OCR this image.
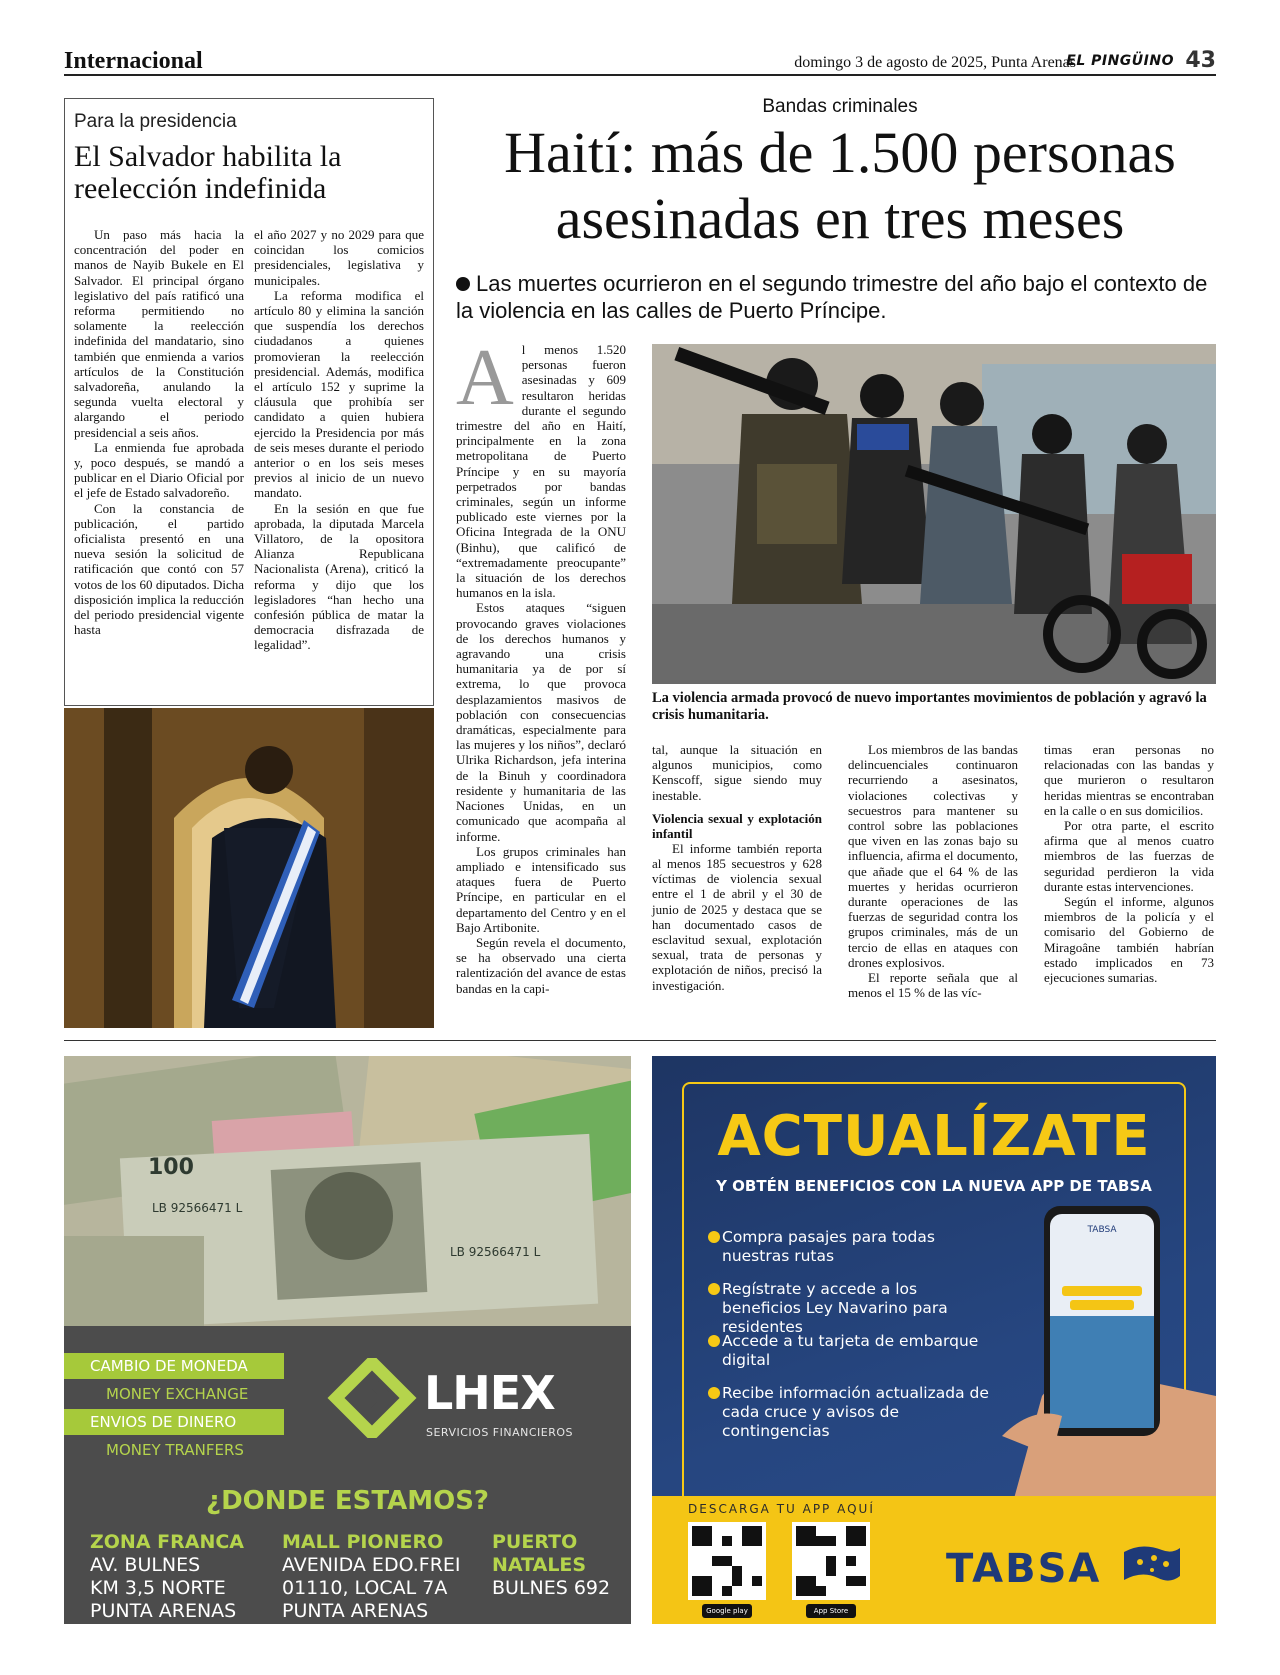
Internacional	domingo 3 de agosto de 2025, Punta Arenas
EL PINGÜINO 43
Para la presidencia
El Salvador habilita la reelección indefinida

Un paso más hacia la concentración del poder en manos de Nayib Bukele en El Salvador. El principal órgano legislativo del país ratificó una reforma permitiendo no solamente la reelección indefinida del mandatario, sino también que enmienda a varios artículos de la Constitución salvadoreña, anulando la segunda vuelta electoral y alargando el periodo presidencial a seis años.

La enmienda fue aprobada y, poco después, se mandó a publicar en el Diario Oficial por el jefe de Estado salvadoreño.

Con la constancia de publicación, el partido oficialista presentó en una nueva sesión la solicitud de ratificación que contó con 57 votos de los 60 diputados. Dicha disposición implica la reducción del periodo presidencial vigente hasta

el año 2027 y no 2029 para que coincidan los comicios presidenciales, legislativa y municipales.

La reforma modifica el artículo 80 y elimina la sanción que suspendía los derechos ciudadanos a quienes promovieran la reelección presidencial. Además, modifica el artículo 152 y suprime la cláusula que prohibía ser candidato a quien hubiera ejercido la Presidencia por más de seis meses durante el periodo anterior o en los seis meses previos al inicio de un nuevo mandato.

En la sesión en que fue aprobada, la diputada Marcela Villatoro, de la opositora Alianza Republicana Nacionalista (Arena), criticó la reforma y dijo que los legisladores “han hecho una confesión pública de matar la democracia disfrazada de legalidad”.

Bandas criminales
Haití: más de 1.500 personas asesinadas en tres meses
Las muertes ocurrieron en el segundo trimestre del año bajo el contexto de la violencia en las calles de Puerto Príncipe.

Al menos 1.520 personas fueron asesinadas y 609 resultaron heridas durante el segundo trimestre del año en Haití, principalmente en la zona metropolitana de Puerto Príncipe y en su mayoría perpetrados por bandas criminales, según un informe publicado este viernes por la Oficina Integrada de la ONU (Binhu), que calificó de “extremadamente preocupante” la situación de los derechos humanos en la isla.

Estos ataques “siguen provocando graves violaciones de los derechos humanos y agravando una crisis humanitaria ya de por sí extrema, lo que provoca desplazamientos masivos de población con consecuencias dramáticas, especialmente para las mujeres y los niños”, declaró Ulrika Richardson, jefa interina de la Binuh y coordinadora residente y humanitaria de las Naciones Unidas, en un comunicado que acompaña al informe.

Los grupos criminales han ampliado e intensificado sus ataques fuera de Puerto Príncipe, en particular en el departamento del Centro y en el Bajo Artibonite.

Según revela el documento, se ha observado una cierta ralentización del avance de estas bandas en la capi-

La violencia armada provocó de nuevo importantes movimientos de población y agravó la crisis humanitaria.

tal, aunque la situación en algunos municipios, como Kenscoff, sigue siendo muy inestable.

Violencia sexual y explotación infantil

El informe también reporta al menos 185 secuestros y 628 víctimas de violencia sexual entre el 1 de abril y el 30 de junio de 2025 y destaca que se han documentado casos de esclavitud sexual, explotación sexual, trata de personas y explotación de niños, precisó la investigación.

Los miembros de las bandas delincuenciales continuaron recurriendo a asesinatos, violaciones colectivas y secuestros para mantener su control sobre las poblaciones que viven en las zonas bajo su influencia, afirma el documento, que añade que el 64 % de las muertes y heridas ocurrieron durante operaciones de las fuerzas de seguridad contra los grupos criminales, más de un tercio de ellas en ataques con drones explosivos.

El reporte señala que al menos el 15 % de las víc-

timas eran personas no relacionadas con las bandas y que murieron o resultaron heridas mientras se encontraban en la calle o en sus domicilios.

Por otra parte, el escrito afirma que al menos cuatro miembros de las fuerzas de seguridad perdieron la vida durante estas intervenciones.

Según el informe, algunos miembros de la policía y el comisario del Gobierno de Miragoâne también habrían estado implicados en 73 ejecuciones sumarias.

100
LB 92566471 L
LB 92566471 L
CAMBIO DE MONEDA
MONEY EXCHANGE
ENVIOS DE DINERO
MONEY TRANFERS
LHEX
SERVICIOS FINANCIEROS
¿DONDE ESTAMOS?
ZONA FRANCA
AV. BULNES
KM 3,5 NORTE
PUNTA ARENAS
MALL PIONERO
AVENIDA EDO.FREI
01110, LOCAL 7A
PUNTA ARENAS
PUERTO
NATALES
BULNES 692
ACTUALÍZATE
Y OBTÉN BENEFICIOS CON LA NUEVA APP DE TABSA
Compra pasajes para todas nuestras rutas
Regístrate y accede a los beneficios Ley Navarino para residentes
Accede a tu tarjeta de embarque digital
Recibe información actualizada de cada cruce y avisos de contingencias
TABSA
DESCARGA TU APP AQUÍ
Google play	App Store
TABSA
